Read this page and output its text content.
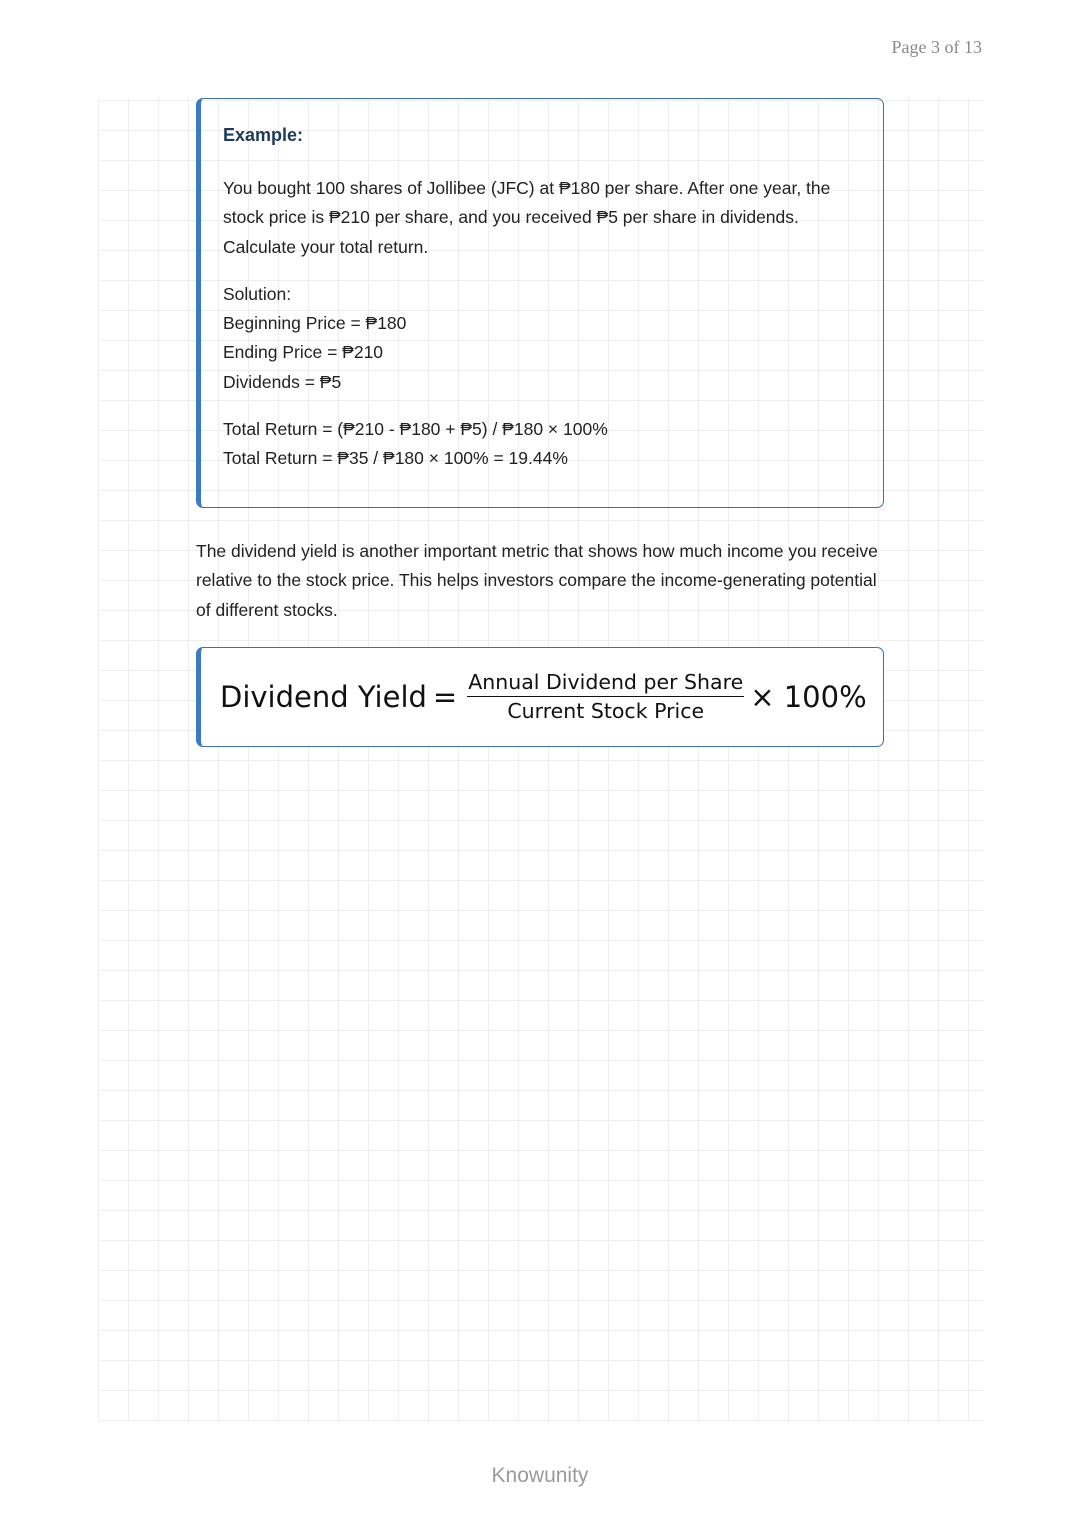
Page 3 of 13
Example:

You bought 100 shares of Jollibee (JFC) at ₱180 per share. After one year, the

stock price is ₱210 per share, and you received ₱5 per share in dividends.

Calculate your total return.

Solution:
Beginning Price = ₱180
Ending Price = ₱210
Dividends = ₱5
Total Return = (₱210 - ₱180 + ₱5) / ₱180 × 100%
Total Return = ₱35 / ₱180 × 100% = 19.44%
The dividend yield is another important metric that shows how much income you receive relative to the stock price. This helps investors compare the income-generating potential of different stocks.
Dividend Yield = $\frac{\text{Annual Dividend per Share}}{\text{Current Stock Price}} \times 100\%$
Knowunity
